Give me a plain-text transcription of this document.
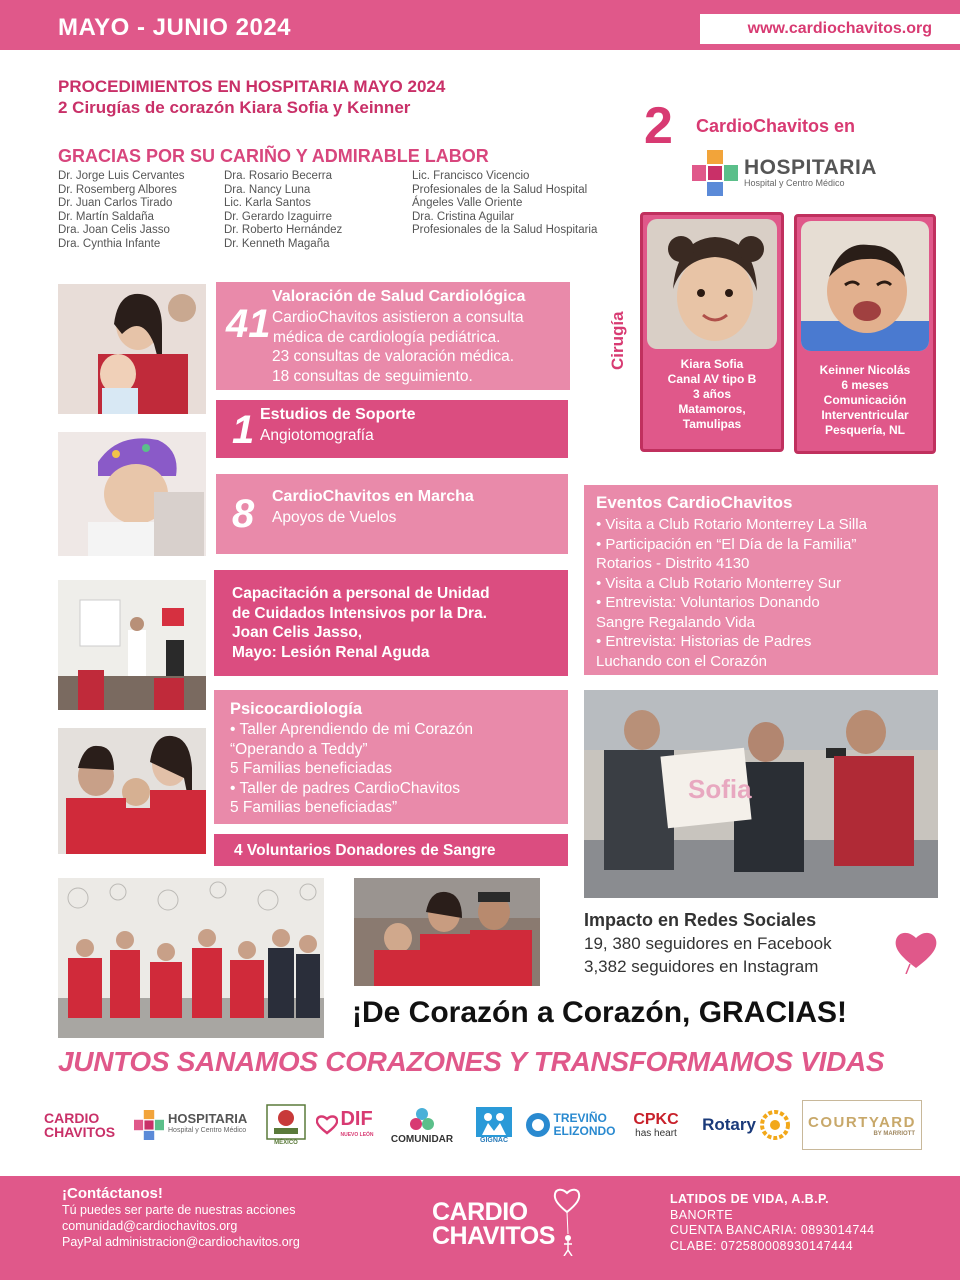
MAYO - JUNIO 2024	www.cardiochavitos.org
PROCEDIMIENTOS EN HOSPITARIA MAYO 2024
2 Cirugías de corazón Kiara Sofia y Keinner
GRACIAS POR SU CARIÑO Y ADMIRABLE LABOR
Dr. Jorge Luis Cervantes
Dr. Rosemberg Albores
Dr. Juan Carlos Tirado
Dr. Martín Saldaña
Dra. Joan Celis Jasso
Dra. Cynthia Infante
Dra. Rosario Becerra
Dra. Nancy Luna
Lic. Karla Santos
Dr. Gerardo Izaguirre
Dr. Roberto Hernández
Dr. Kenneth Magaña
Lic. Francisco Vicencio
Profesionales de la Salud Hospital
Ángeles Valle Oriente
Dra. Cristina Aguilar
Profesionales de la Salud Hospitaria
2 CardioChavitos en
HOSPITARIA
Hospital y Centro Médico
Cirugía	Kiara Sofia
Canal AV tipo B
3 años
Matamoros,
Tamulipas
Keinner Nicolás
6 meses
Comunicación
Interventricular
Pesquería, NL
41
Valoración de Salud Cardiológica
CardioChavitos asistieron a consulta
médica de cardiología pediátrica.
23 consultas de valoración médica.
18 consultas de seguimiento.
1 Estudios de Soporte
Angiotomografía
8 CardioChavitos en Marcha
Apoyos de Vuelos
Capacitación a personal de Unidad
de Cuidados Intensivos por la Dra.
Joan Celis Jasso,
Mayo: Lesión Renal Aguda
Psicocardiología
• Taller Aprendiendo de mi Corazón
“Operando a Teddy”
5 Familias beneficiadas
• Taller de padres CardioChavitos
5 Familias beneficiadas”
4 Voluntarios Donadores de Sangre
Eventos CardioChavitos
• Visita a Club Rotario Monterrey La Silla
• Participación en “El Día de la Familia”
Rotarios - Distrito 4130
• Visita a Club Rotario Monterrey Sur
• Entrevista: Voluntarios Donando
Sangre Regalando Vida
• Entrevista: Historias de Padres
Luchando con el Corazón
Sofia
Impacto en Redes Sociales
19, 380 seguidores en Facebook
3,382 seguidores en Instagram
¡De Corazón a Corazón, GRACIAS!
JUNTOS SANAMOS CORAZONES Y TRANSFORMAMOS VIDAS
CARDIO
CHAVITOS
HOSPITARIA
Hospital y Centro Médico
MÉXICO
DIF
NUEVO LEÓN COMUNIDAR	GIGNAC
TREVIÑO
ELIZONDO
CPKC
has heart Rotary	COURTYARD
BY MARRIOTT
¡Contáctanos!
Tú puedes ser parte de nuestras acciones
comunidad@cardiochavitos.org
PayPal administracion@cardiochavitos.org
CARDIO
CHAVITOS
LATIDOS DE VIDA, A.B.P.
BANORTE
CUENTA BANCARIA: 0893014744
CLABE: 072580008930147444
